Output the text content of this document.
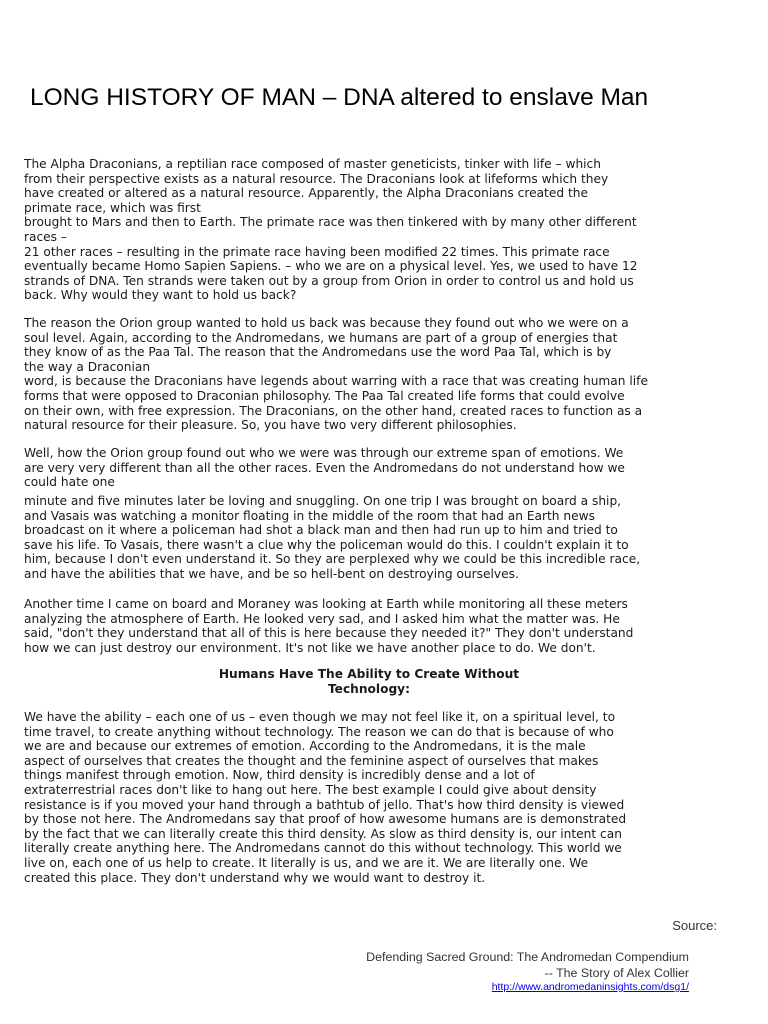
LONG HISTORY OF MAN – DNA altered to enslave Man

The Alpha Draconians, a reptilian race composed of master geneticists, tinker with life – which
from their perspective exists as a natural resource. The Draconians look at lifeforms which they
have created or altered as a natural resource. Apparently, the Alpha Draconians created the
primate race, which was first
brought to Mars and then to Earth. The primate race was then tinkered with by many other different
races –
21 other races – resulting in the primate race having been modified 22 times. This primate race
eventually became Homo Sapien Sapiens. – who we are on a physical level. Yes, we used to have 12
strands of DNA. Ten strands were taken out by a group from Orion in order to control us and hold us
back. Why would they want to hold us back?

The reason the Orion group wanted to hold us back was because they found out who we were on a
soul level. Again, according to the Andromedans, we humans are part of a group of energies that
they know of as the Paa Tal. The reason that the Andromedans use the word Paa Tal, which is by
the way a Draconian
word, is because the Draconians have legends about warring with a race that was creating human life
forms that were opposed to Draconian philosophy. The Paa Tal created life forms that could evolve
on their own, with free expression. The Draconians, on the other hand, created races to function as a
natural resource for their pleasure. So, you have two very different philosophies.

Well, how the Orion group found out who we were was through our extreme span of emotions. We
are very very different than all the other races. Even the Andromedans do not understand how we
could hate one

minute and five minutes later be loving and snuggling. On one trip I was brought on board a ship,
and Vasais was watching a monitor floating in the middle of the room that had an Earth news
broadcast on it where a policeman had shot a black man and then had run up to him and tried to
save his life. To Vasais, there wasn't a clue why the policeman would do this. I couldn't explain it to
him, because I don't even understand it. So they are perplexed why we could be this incredible race,
and have the abilities that we have, and be so hell-bent on destroying ourselves.

Another time I came on board and Moraney was looking at Earth while monitoring all these meters
analyzing the atmosphere of Earth. He looked very sad, and I asked him what the matter was. He
said, "don't they understand that all of this is here because they needed it?" They don't understand
how we can just destroy our environment. It's not like we have another place to do. We don't.

Humans Have The Ability to Create Without
Technology:

We have the ability – each one of us – even though we may not feel like it, on a spiritual level, to
time travel, to create anything without technology. The reason we can do that is because of who
we are and because our extremes of emotion. According to the Andromedans, it is the male
aspect of ourselves that creates the thought and the feminine aspect of ourselves that makes
things manifest through emotion. Now, third density is incredibly dense and a lot of
extraterrestrial races don't like to hang out here. The best example I could give about density
resistance is if you moved your hand through a bathtub of jello. That's how third density is viewed
by those not here. The Andromedans say that proof of how awesome humans are is demonstrated
by the fact that we can literally create this third density. As slow as third density is, our intent can
literally create anything here. The Andromedans cannot do this without technology. This world we
live on, each one of us help to create. It literally is us, and we are it. We are literally one. We
created this place. They don't understand why we would want to destroy it.

Source:
Defending Sacred Ground: The Andromedan Compendium
-- The Story of Alex Collier
http://www.andromedaninsights.com/dsg1/
